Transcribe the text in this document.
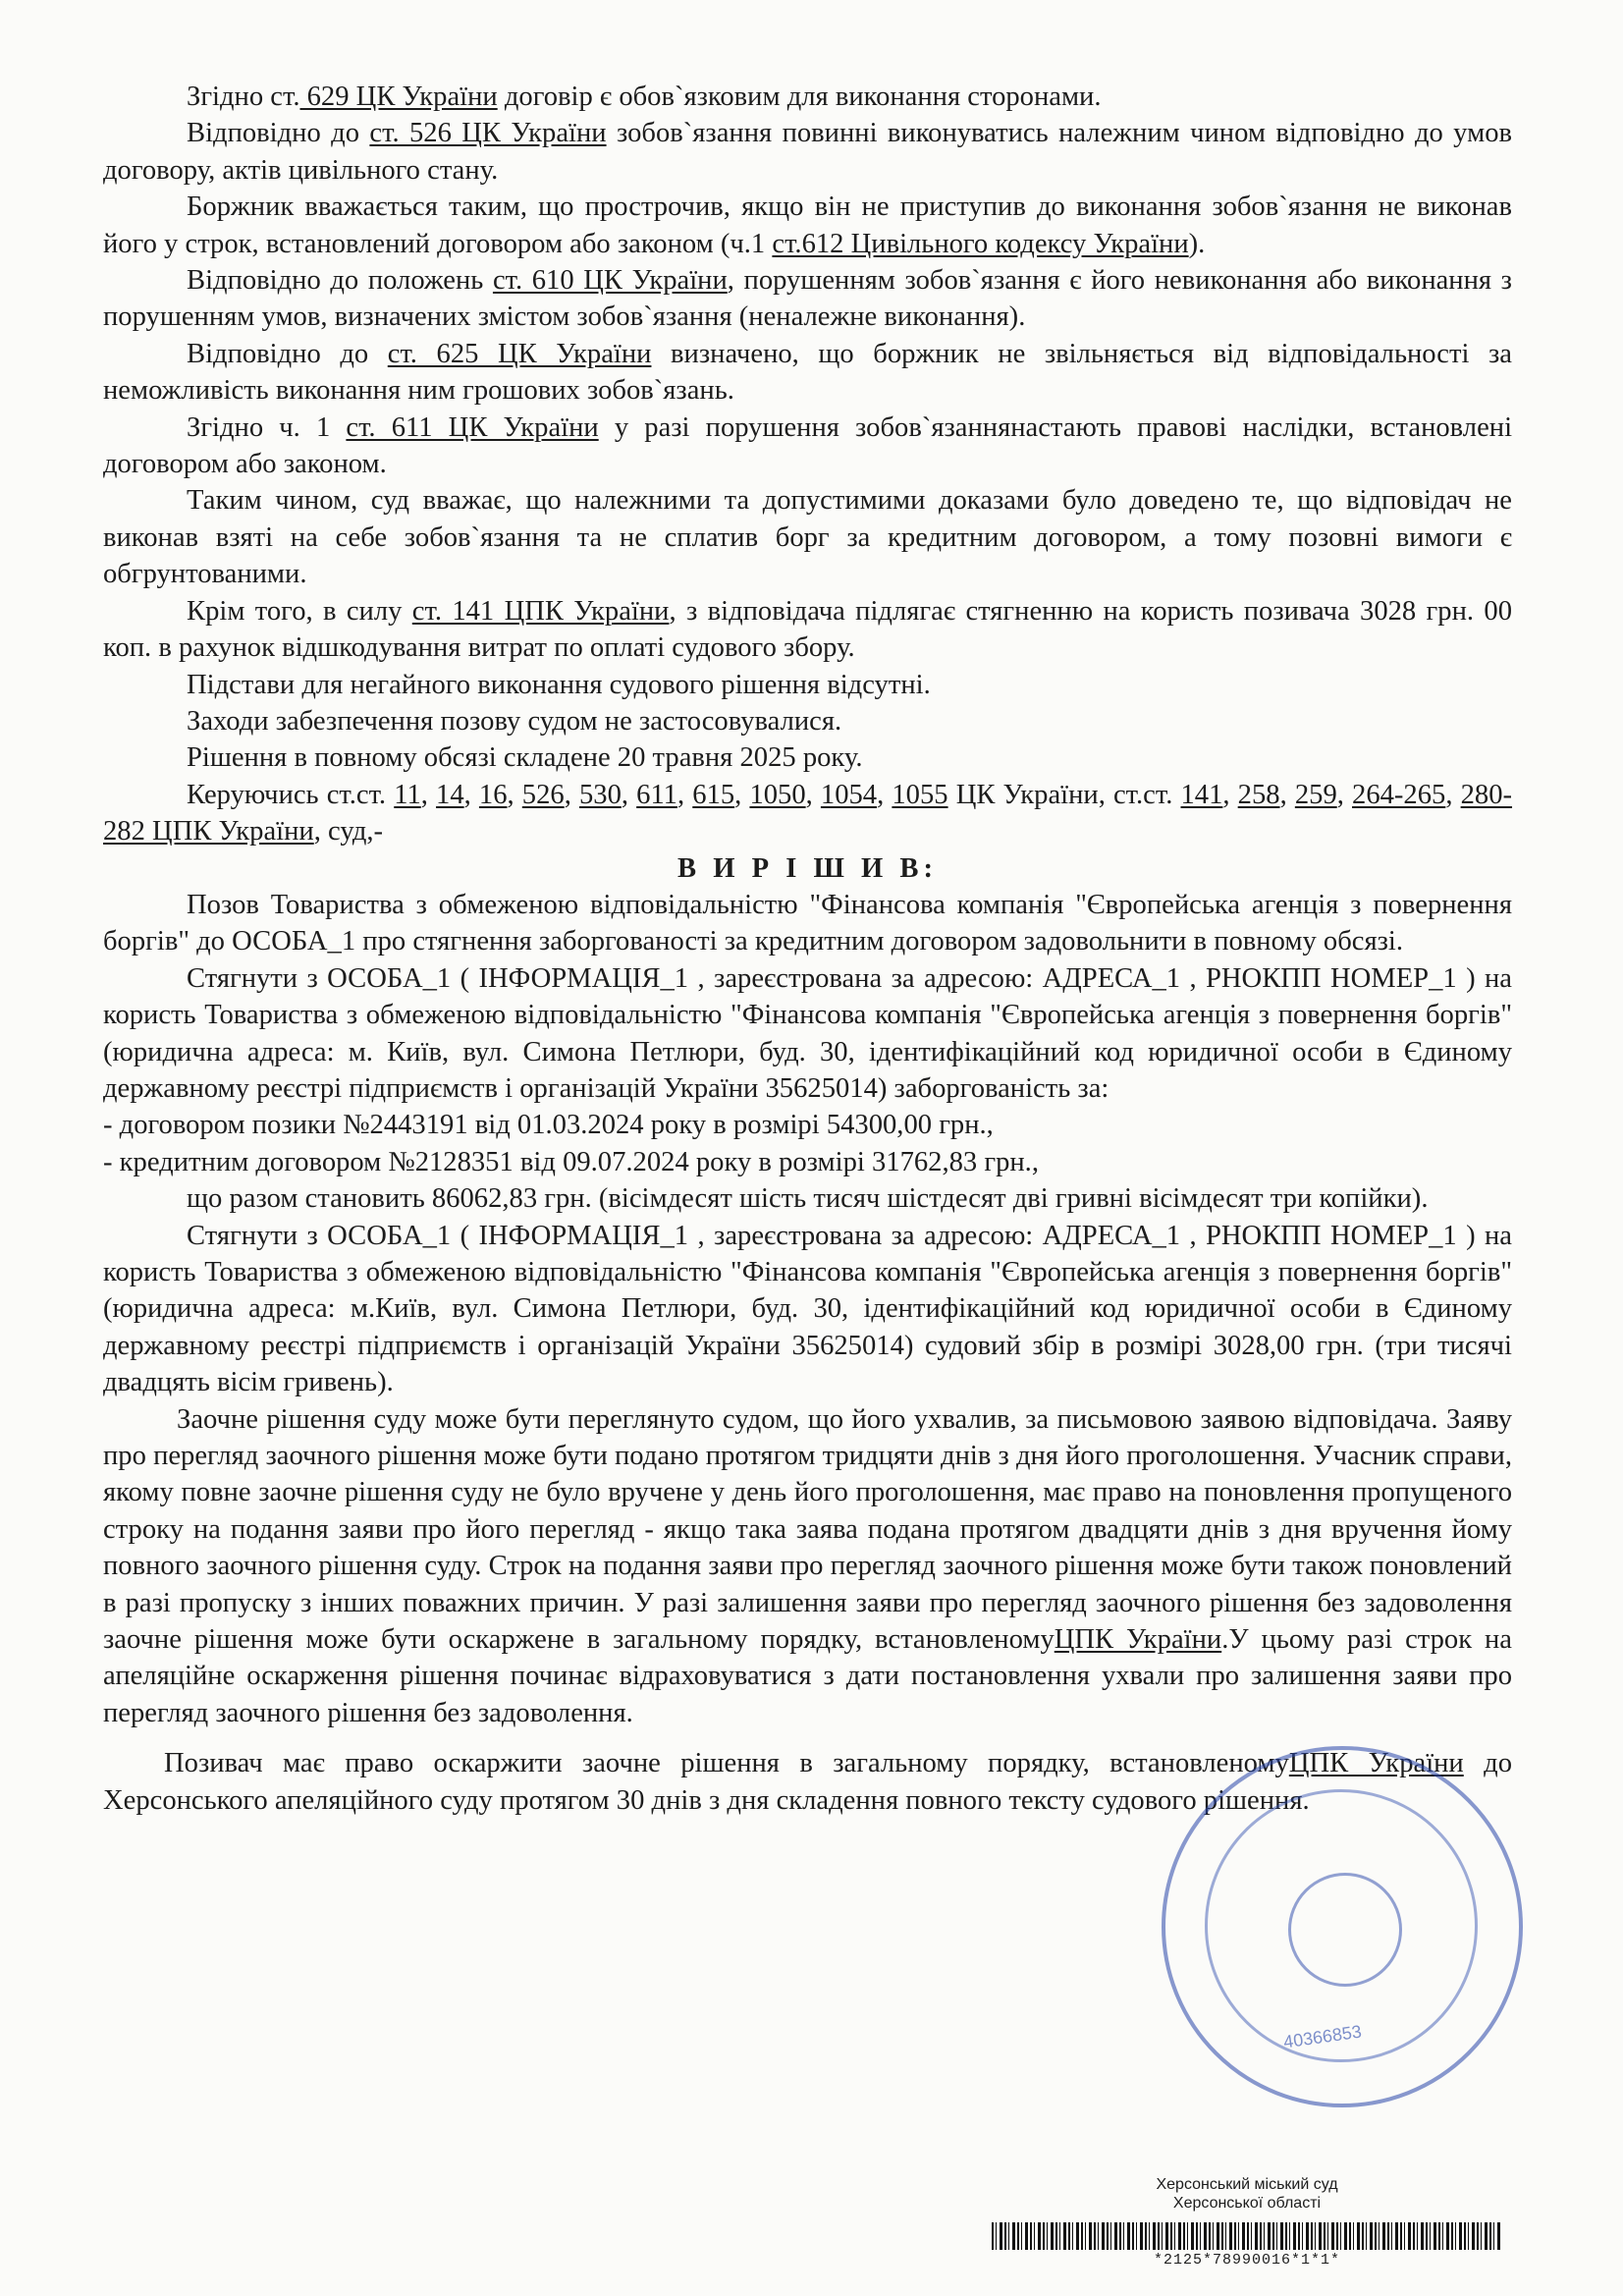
Згідно ст. 629 ЦК України договір є обов`язковим для виконання сторонами.

Відповідно до ст. 526 ЦК України зобов`язання повинні виконуватись належним чином відповідно до умов договору, актів цивільного стану.

Боржник вважається таким, що прострочив, якщо він не приступив до виконання зобов`язання не виконав його у строк, встановлений договором або законом (ч.1 ст.612 Цивільного кодексу України).

Відповідно до положень ст. 610 ЦК України, порушенням зобов`язання є його невиконання або виконання з порушенням умов, визначених змістом зобов`язання (неналежне виконання).

Відповідно до ст. 625 ЦК України визначено, що боржник не звільняється від відповідальності за неможливість виконання ним грошових зобов`язань.

Згідно ч. 1 ст. 611 ЦК України у разі порушення зобов`язаннянастають правові наслідки, встановлені договором або законом.

Таким чином, суд вважає, що належними та допустимими доказами було доведено те, що відповідач не виконав взяті на себе зобов`язання та не сплатив борг за кредитним договором, а тому позовні вимоги є обгрунтованими.

Крім того, в силу ст. 141 ЦПК України, з відповідача підлягає стягненню на користь позивача 3028 грн. 00 коп. в рахунок відшкодування витрат по оплаті судового збору.

Підстави для негайного виконання судового рішення відсутні.

Заходи забезпечення позову судом не застосовувалися.

Рішення в повному обсязі складене 20 травня 2025 року.

Керуючись ст.ст. 11, 14, 16, 526, 530, 611, 615, 1050, 1054, 1055 ЦК України, ст.ст. 141, 258, 259, 264-265, 280-282 ЦПК України, суд,-

В И Р І Ш И В:

Позов Товариства з обмеженою відповідальністю "Фінансова компанія "Європейська агенція з повернення боргів" до ОСОБА_1 про стягнення заборгованості за кредитним договором задовольнити в повному обсязі.

Стягнути з ОСОБА_1 ( ІНФОРМАЦІЯ_1 , зареєстрована за адресою: АДРЕСА_1 , РНОКПП НОМЕР_1 ) на користь Товариства з обмеженою відповідальністю "Фінансова компанія "Європейська агенція з повернення боргів" (юридична адреса: м. Київ, вул. Симона Петлюри, буд. 30, ідентифікаційний код юридичної особи в Єдиному державному реєстрі підприємств і організацій України 35625014) заборгованість за:

- договором позики №2443191 від 01.03.2024 року в розмірі 54300,00 грн.,

- кредитним договором №2128351 від 09.07.2024 року в розмірі 31762,83 грн.,

що разом становить 86062,83 грн. (вісімдесят шість тисяч шістдесят дві гривні вісімдесят три копійки).

Стягнути з ОСОБА_1 ( ІНФОРМАЦІЯ_1 , зареєстрована за адресою: АДРЕСА_1 , РНОКПП НОМЕР_1 ) на користь Товариства з обмеженою відповідальністю "Фінансова компанія "Європейська агенція з повернення боргів" (юридична адреса: м.Київ, вул. Симона Петлюри, буд. 30, ідентифікаційний код юридичної особи в Єдиному державному реєстрі підприємств і організацій України 35625014) судовий збір в розмірі 3028,00 грн. (три тисячі двадцять вісім гривень).

Заочне рішення суду може бути переглянуто судом, що його ухвалив, за письмовою заявою відповідача. Заяву про перегляд заочного рішення може бути подано протягом тридцяти днів з дня його проголошення. Учасник справи, якому повне заочне рішення суду не було вручене у день його проголошення, має право на поновлення пропущеного строку на подання заяви про його перегляд - якщо така заява подана протягом двадцяти днів з дня вручення йому повного заочного рішення суду. Строк на подання заяви про перегляд заочного рішення може бути також поновлений в разі пропуску з інших поважних причин. У разі залишення заяви про перегляд заочного рішення без задоволення заочне рішення може бути оскаржене в загальному порядку, встановленомуЦПК України.У цьому разі строк на апеляційне оскарження рішення починає відраховуватися з дати постановлення ухвали про залишення заяви про перегляд заочного рішення без задоволення.

Позивач має право оскаржити заочне рішення в загальному порядку, встановленомуЦПК України до Херсонського апеляційного суду протягом 30 днів з дня складення повного тексту судового рішення.

40366853
Херсонський міський суд
Херсонської області
*2125*78990016*1*1*
